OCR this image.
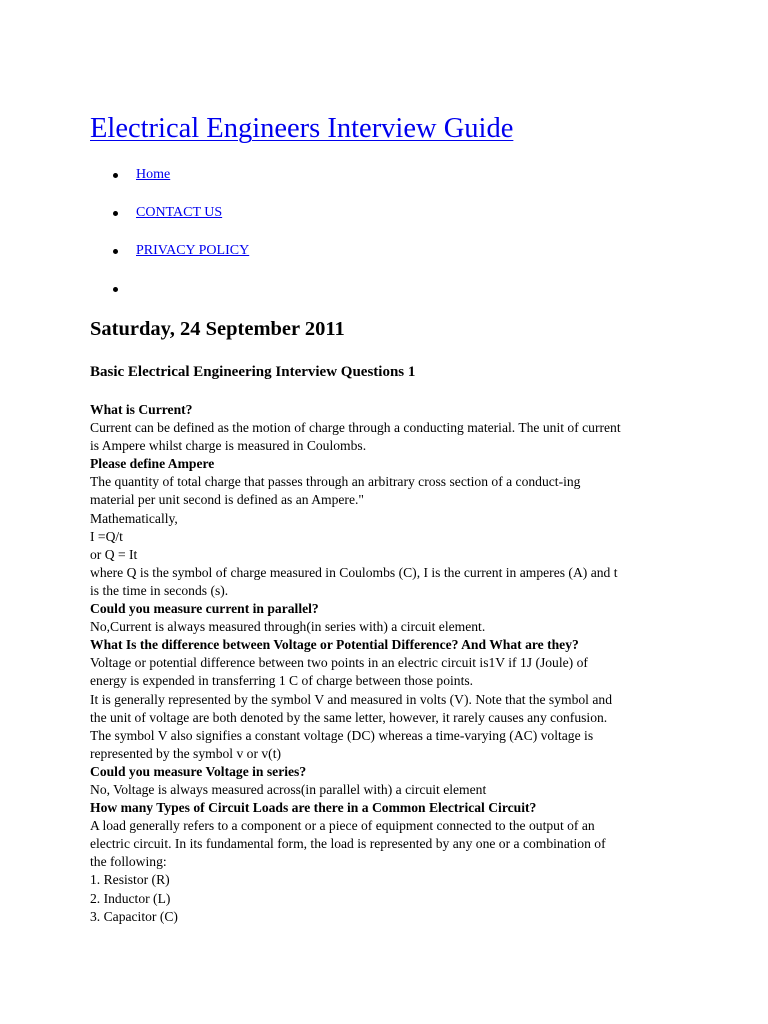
Electrical Engineers Interview Guide
Home
CONTACT US
PRIVACY POLICY
Saturday, 24 September 2011
Basic Electrical Engineering Interview Questions 1
What is Current?
Current can be defined as the motion of charge through a conducting material. The unit of current
is Ampere whilst charge is measured in Coulombs.
Please define Ampere
The quantity of total charge that passes through an arbitrary cross section of a conduct-ing
material per unit second is defined as an Ampere."
Mathematically,
I =Q/t
or Q = It
where Q is the symbol of charge measured in Coulombs (C), I is the current in amperes (A) and t
is the time in seconds (s).
Could you measure current in parallel?
No,Current is always measured through(in series with) a circuit element.
What Is the difference between Voltage or Potential Difference? And What are they?
Voltage or potential difference between two points in an electric circuit is1V if 1J (Joule) of
energy is expended in transferring 1 C of charge between those points.
It is generally represented by the symbol V and measured in volts (V). Note that the symbol and
the unit of voltage are both denoted by the same letter, however, it rarely causes any confusion.
The symbol V also signifies a constant voltage (DC) whereas a time-varying (AC) voltage is
represented by the symbol v or v(t)
Could you measure Voltage in series?
No, Voltage is always measured across(in parallel with) a circuit element
How many Types of Circuit Loads are there in a Common Electrical Circuit?
A load generally refers to a component or a piece of equipment connected to the output of an
electric circuit. In its fundamental form, the load is represented by any one or a combination of
the following:
1. Resistor (R)
2. Inductor (L)
3. Capacitor (C)
